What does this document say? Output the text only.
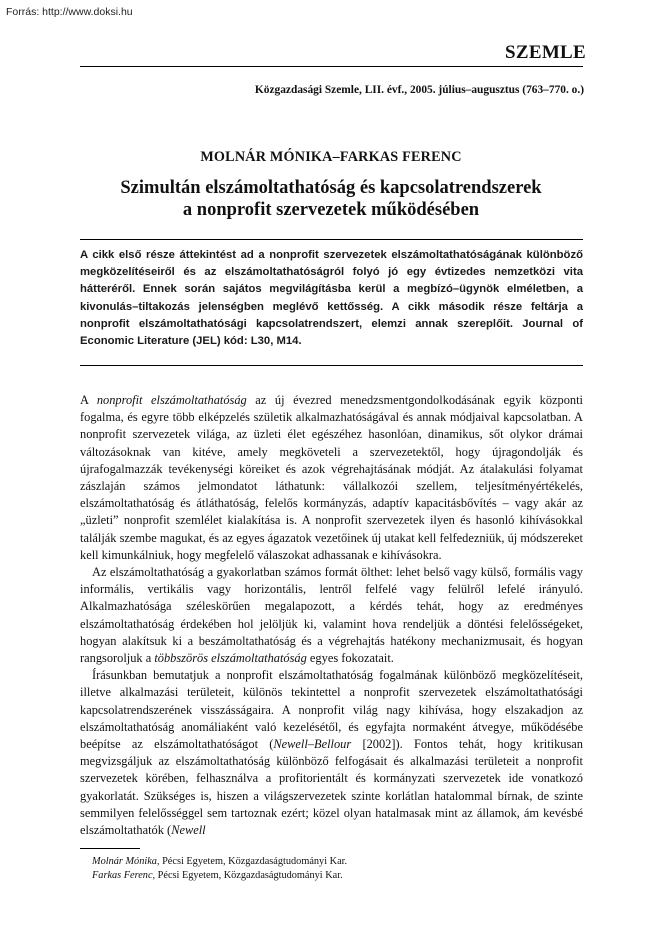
Forrás: http://www.doksi.hu
SZEMLE
Közgazdasági Szemle, LII. évf., 2005. július–augusztus (763–770. o.)
MOLNÁR MÓNIKA–FARKAS FERENC
Szimultán elszámoltathatóság és kapcsolatrendszerek
a nonprofit szervezetek működésében
A cikk első része áttekintést ad a nonprofit szervezetek elszámoltathatóságának különböző megközelítéseiről és az elszámoltathatóságról folyó jó egy évtizedes nemzetközi vita hátteréről. Ennek során sajátos megvilágításba kerül a megbízó–ügynök elméletben, a kivonulás–tiltakozás jelenségben meglévő kettősség. A cikk második része feltárja a nonprofit elszámoltathatósági kapcsolatrendszert, elemzi annak szereplőit. Journal of Economic Literature (JEL) kód: L30, M14.

A nonprofit elszámoltathatóság az új évezred menedzsmentgondolkodásának egyik központi fogalma, és egyre több elképzelés születik alkalmazhatóságával és annak módjaival kapcsolatban. A nonprofit szervezetek világa, az üzleti élet egészéhez hasonlóan, dinamikus, sőt olykor drámai változásoknak van kitéve, amely megköveteli a szervezetektől, hogy újragondolják és újrafogalmazzák tevékenységi köreiket és azok végrehajtásának módját. Az átalakulási folyamat zászlaján számos jelmondatot láthatunk: vállalkozói szellem, teljesítményértékelés, elszámoltathatóság és átláthatóság, felelős kormányzás, adaptív kapacitásbővítés – vagy akár az „üzleti” nonprofit szemlélet kialakítása is. A nonprofit szervezetek ilyen és hasonló kihívásokkal találják szembe magukat, és az egyes ágazatok vezetőinek új utakat kell felfedezniük, új módszereket kell kimunkálniuk, hogy megfelelő válaszokat adhassanak e kihívásokra.

Az elszámoltathatóság a gyakorlatban számos formát ölthet: lehet belső vagy külső, formális vagy informális, vertikális vagy horizontális, lentről felfelé vagy felülről lefelé irányuló. Alkalmazhatósága széleskörűen megalapozott, a kérdés tehát, hogy az eredményes elszámoltathatóság érdekében hol jelöljük ki, valamint hova rendeljük a döntési felelősségeket, hogyan alakítsuk ki a beszámoltathatóság és a végrehajtás hatékony mechanizmusait, és hogyan rangsoroljuk a többszörös elszámoltathatóság egyes fokozatait.

Írásunkban bemutatjuk a nonprofit elszámoltathatóság fogalmának különböző megközelítéseit, illetve alkalmazási területeit, különös tekintettel a nonprofit szervezetek elszámoltathatósági kapcsolatrendszerének visszásságaira. A nonprofit világ nagy kihívása, hogy elszakadjon az elszámoltathatóság anomáliaként való kezelésétől, és egyfajta normaként átvegye, működésébe beépítse az elszámoltathatóságot (Newell–Bellour [2002]). Fontos tehát, hogy kritikusan megvizsgáljuk az elszámoltathatóság különböző felfogásait és alkalmazási területeit a nonprofit szervezetek körében, felhasználva a profitorientált és kormányzati szervezetek ide vonatkozó gyakorlatát. Szükséges is, hiszen a világszervezetek szinte korlátlan hatalommal bírnak, de szinte semmilyen felelősséggel sem tartoznak ezért; közel olyan hatalmasak mint az államok, ám kevésbé elszámoltathatók (Newell

Molnár Mónika, Pécsi Egyetem, Közgazdaságtudományi Kar.
Farkas Ferenc, Pécsi Egyetem, Közgazdaságtudományi Kar.
